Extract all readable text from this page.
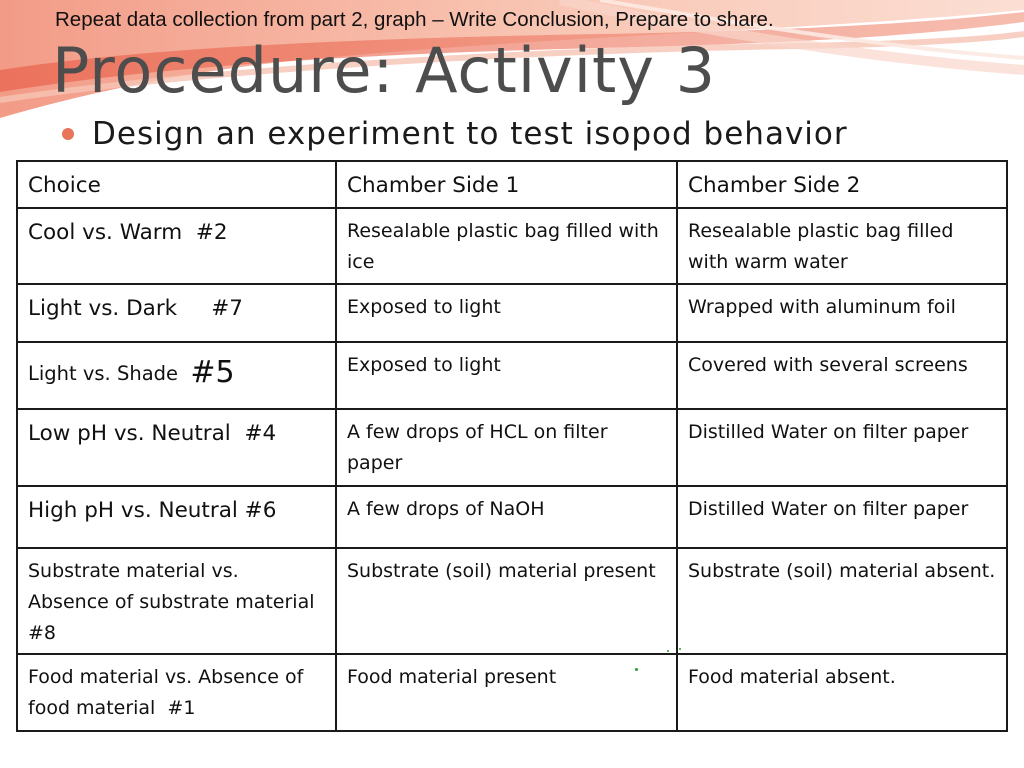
Repeat data collection from part 2, graph – Write Conclusion, Prepare to share.
Procedure: Activity 3
Design an experiment to test isopod behavior
Choice	Chamber Side 1	Chamber Side 2
Cool vs. Warm  #2	Resealable plastic bag filled with ice	Resealable plastic bag filled with warm water
Light vs. Dark     #7	Exposed to light	Wrapped with aluminum foil
Light vs. Shade  #5	Exposed to light	Covered with several screens
Low pH vs. Neutral  #4	A few drops of HCL on filter paper	Distilled Water on filter paper
High pH vs. Neutral #6	A few drops of NaOH	Distilled Water on filter paper
Substrate material vs. Absence of substrate material   #8	Substrate (soil) material present	Substrate (soil) material absent.
Food material vs. Absence of food material  #1	Food material present	Food material absent.
